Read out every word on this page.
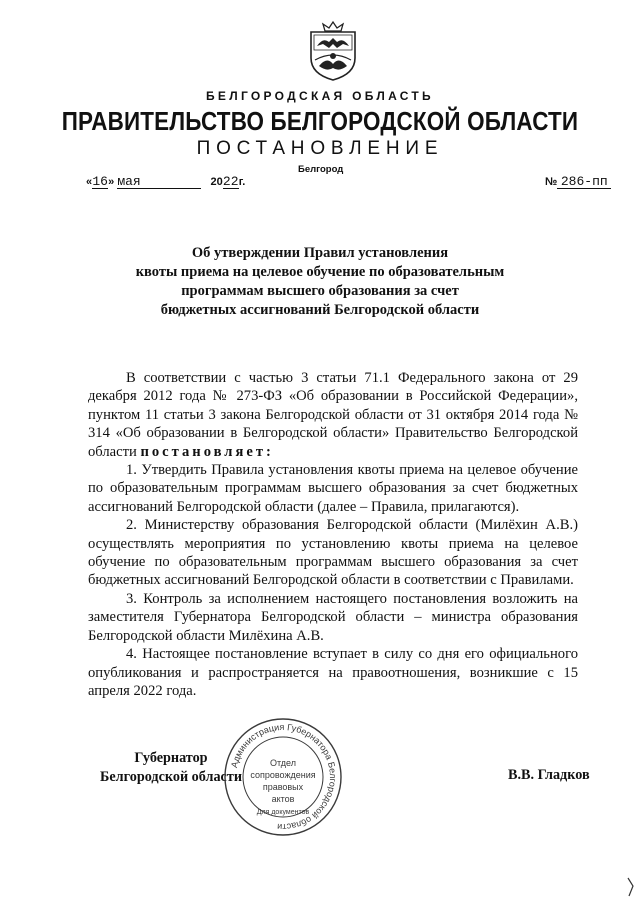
БЕЛГОРОДСКАЯ ОБЛАСТЬ
ПРАВИТЕЛЬСТВО БЕЛГОРОДСКОЙ ОБЛАСТИ
ПОСТАНОВЛЕНИЕ
Белгород
«16» мая	2022г.	№ 286-пп
Об утверждении Правил установления
квоты приема на целевое обучение по образовательным
программам высшего образования за счет
бюджетных ассигнований Белгородской области

В соответствии с частью 3 статьи 71.1 Федерального закона от 29 декабря 2012 года № 273-ФЗ «Об образовании в Российской Федерации», пунктом 11 статьи 3 закона Белгородской области от 31 октября 2014 года № 314 «Об образовании в Белгородской области» Правительство Белгородской области постановляет:

1. Утвердить Правила установления квоты приема на целевое обучение по образовательным программам высшего образования за счет бюджетных ассигнований Белгородской области (далее – Правила, прилагаются).

2. Министерству образования Белгородской области (Милёхин А.В.) осуществлять мероприятия по установлению квоты приема на целевое обучение по образовательным программам высшего образования за счет бюджетных ассигнований Белгородской области в соответствии с Правилами.

3. Контроль за исполнением настоящего постановления возложить на заместителя Губернатора Белгородской области – министра образования Белгородской области Милёхина А.В.

4. Настоящее постановление вступает в силу со дня его официального опубликования и распространяется на правоотношения, возникшие с 15 апреля 2022 года.

Губернатор
Белгородской области	В.В. Гладков
Администрация Губернатора Белгородской области
Отдел
сопровождения
правовых
актов
Для документов
